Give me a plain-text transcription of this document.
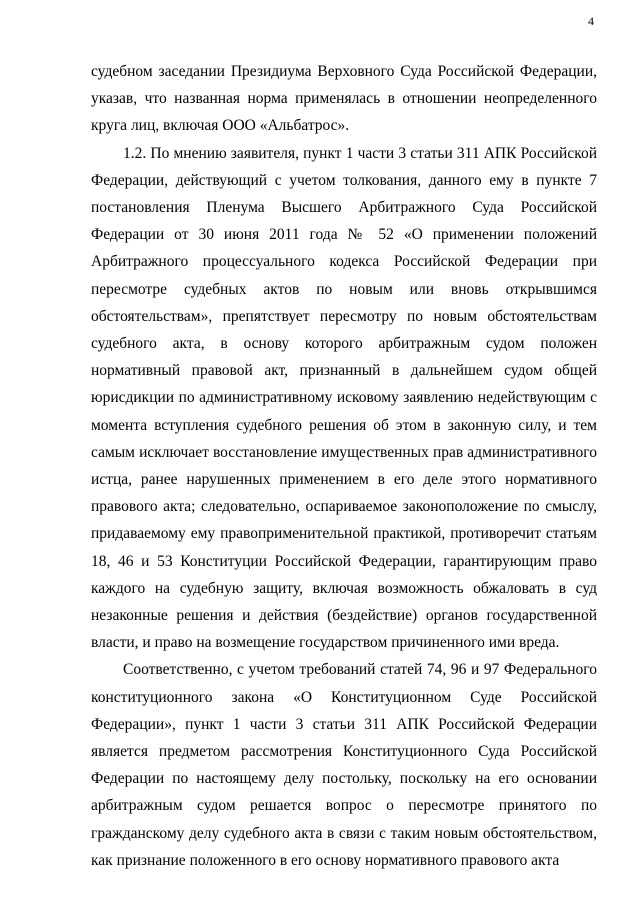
4

судебном заседании Президиума Верховного Суда Российской Федерации, указав, что названная норма применялась в отношении неопределенного круга лиц, включая ООО «Альбатрос».

1.2. По мнению заявителя, пункт 1 части 3 статьи 311 АПК Российской Федерации, действующий с учетом толкования, данного ему в пункте 7 постановления Пленума Высшего Арбитражного Суда Российской Федерации от 30 июня 2011 года № 52 «О применении положений Арбитражного процессуального кодекса Российской Федерации при пересмотре судебных актов по новым или вновь открывшимся обстоятельствам», препятствует пересмотру по новым обстоятельствам судебного акта, в основу которого арбитражным судом положен нормативный правовой акт, признанный в дальнейшем судом общей юрисдикции по административному исковому заявлению недействующим с момента вступления судебного решения об этом в законную силу, и тем самым исключает восстановление имущественных прав административного истца, ранее нарушенных применением в его деле этого нормативного правового акта; следовательно, оспариваемое законоположение по смыслу, придаваемому ему правоприменительной практикой, противоречит статьям 18, 46 и 53 Конституции Российской Федерации, гарантирующим право каждого на судебную защиту, включая возможность обжаловать в суд незаконные решения и действия (бездействие) органов государственной власти, и право на возмещение государством причиненного ими вреда.

Соответственно, с учетом требований статей 74, 96 и 97 Федерального конституционного закона «О Конституционном Суде Российской Федерации», пункт 1 части 3 статьи 311 АПК Российской Федерации является предметом рассмотрения Конституционного Суда Российской Федерации по настоящему делу постольку, поскольку на его основании арбитражным судом решается вопрос о пересмотре принятого по гражданскому делу судебного акта в связи с таким новым обстоятельством, как признание положенного в его основу нормативного правового акта
